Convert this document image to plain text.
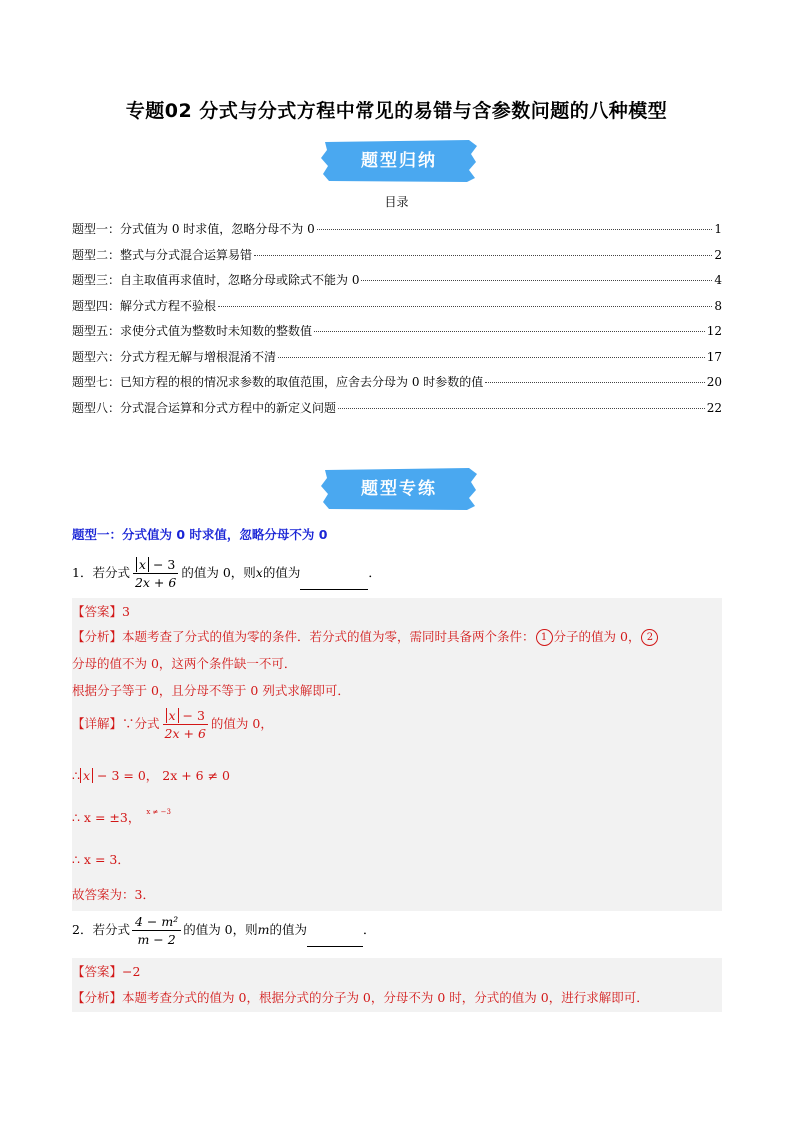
专题02 分式与分式方程中常见的易错与含参数问题的八种模型
题型归纳
目录
题型一：分式值为 0 时求值，忽略分母不为 0	1
题型二：整式与分式混合运算易错	2
题型三：自主取值再求值时，忽略分母或除式不能为 0	4
题型四：解分式方程不验根	8
题型五：求使分式值为整数时未知数的整数值	12
题型六：分式方程无解与增根混淆不清	17
题型七：已知方程的根的情况求参数的取值范围，应舍去分母为 0 时参数的值	20
题型八：分式混合运算和分式方程中的新定义问题	22
题型专练
题型一：分式值为 0 时求值，忽略分母不为 0
1．若分式 $\frac{x - 3}{2x + 6}$ 的值为 0，则x的值为	．
【答案】3
【分析】本题考查了分式的值为零的条件．若分式的值为零，需同时具备两个条件： 1 分子的值为 0， 2
分母的值不为 0，这两个条件缺一不可．
根据分子等于 0，且分母不等于 0 列式求解即可．
【详解】∵分式 $\frac{x - 3}{2x + 6}$ 的值为 0，
∴ x − 3 = 0， 2x + 6 ≠ 0
∴ x = ±3， $^{x \ne -3}$
∴ x = 3．
故答案为：3．
2．若分式 $\frac{\text{4 − m²}}{m - 2}$ 的值为 0，则m的值为	．
【答案】−2
【分析】本题考查分式的值为 0，根据分式的分子为 0，分母不为 0 时，分式的值为 0，进行求解即可．
